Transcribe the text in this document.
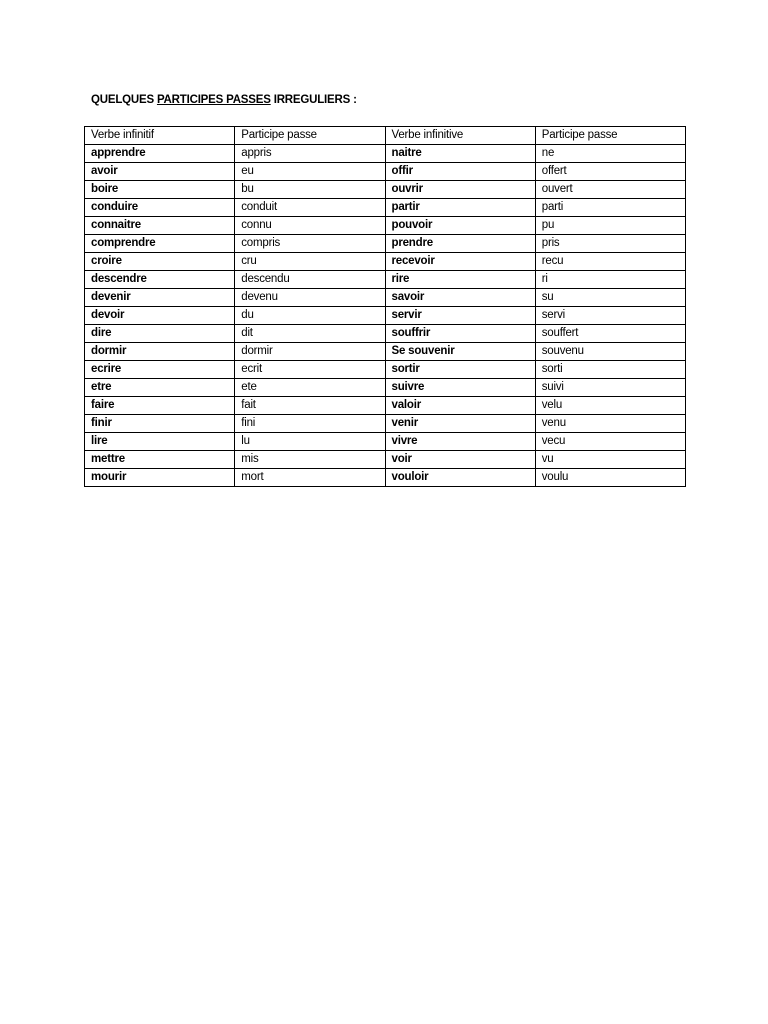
QUELQUES PARTICIPES PASSES IRREGULIERS :
Verbe infinitif	Participe passe	Verbe infinitive	Participe passe
apprendre	appris	naitre	ne
avoir	eu	offir	offert
boire	bu	ouvrir	ouvert
conduire	conduit	partir	parti
connaitre	connu	pouvoir	pu
comprendre	compris	prendre	pris
croire	cru	recevoir	recu
descendre	descendu	rire	ri
devenir	devenu	savoir	su
devoir	du	servir	servi
dire	dit	souffrir	souffert
dormir	dormir	Se souvenir	souvenu
ecrire	ecrit	sortir	sorti
etre	ete	suivre	suivi
faire	fait	valoir	velu
finir	fini	venir	venu
lire	lu	vivre	vecu
mettre	mis	voir	vu
mourir	mort	vouloir	voulu
